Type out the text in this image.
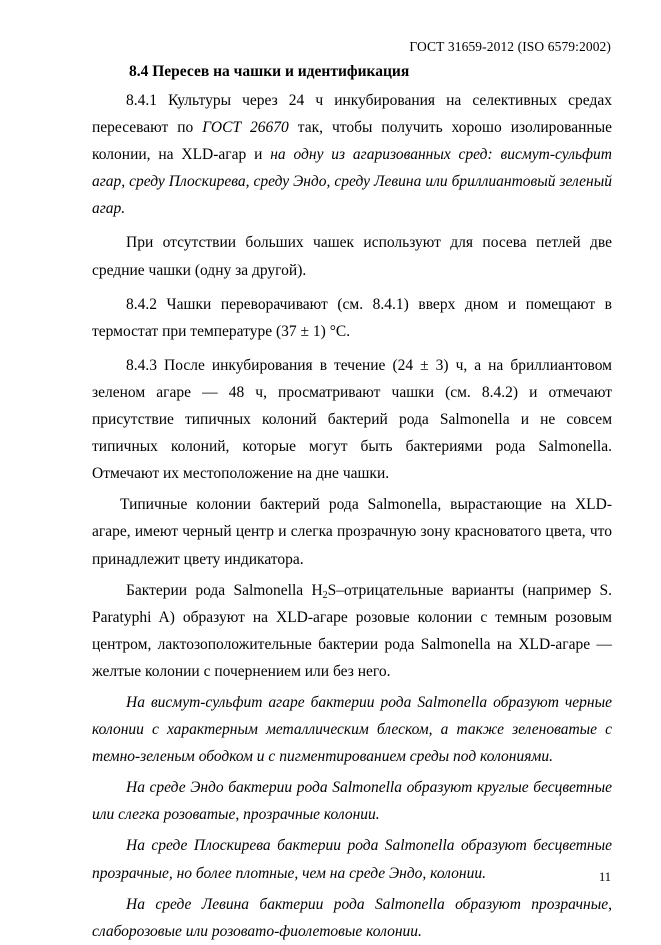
ГОСТ 31659-2012 (ISO 6579:2002)
8.4 Пересев на чашки и идентификация

8.4.1 Культуры через 24 ч инкубирования на селективных средах пересевают по ГОСТ 26670 так, чтобы получить хорошо изолированные колонии, на XLD-агар и на одну из агаризованных сред: висмут-сульфит агар, среду Плоскирева, среду Эндо, среду Левина или бриллиантовый зеленый агар.

При отсутствии больших чашек используют для посева петлей две средние чашки (одну за другой).

8.4.2 Чашки переворачивают (см. 8.4.1) вверх дном и помещают в термостат при температуре (37 ± 1) °С.

8.4.3 После инкубирования в течение (24 ± 3) ч, а на бриллиантовом зеленом агаре — 48 ч, просматривают чашки (см. 8.4.2) и отмечают присутствие типичных колоний бактерий рода Salmonella и не совсем типичных колоний, которые могут быть бактериями рода Salmonella. Отмечают их местоположение на дне чашки.

Типичные колонии бактерий рода Salmonella, вырастающие на XLD-агаре, имеют черный центр и слегка прозрачную зону красноватого цвета, что принадлежит цвету индикатора.

Бактерии рода Salmonella $H_2S$–отрицательные варианты (например S. Paratyphi A) образуют на XLD-агаре розовые колонии с темным розовым центром, лактозоположительные бактерии рода Salmonella на XLD-агаре — желтые колонии с почернением или без него.

На висмут-сульфит агаре бактерии рода Salmonella образуют черные колонии с характерным металлическим блеском, а также зеленоватые с темно-зеленым ободком и с пигментированием среды под колониями.

На среде Эндо бактерии рода Salmonella образуют круглые бесцветные или слегка розоватые, прозрачные колонии.

На среде Плоскирева бактерии рода Salmonella образуют бесцветные прозрачные, но более плотные, чем на среде Эндо, колонии.

На среде Левина бактерии рода Salmonella образуют прозрачные, слаборозовые или розовато-фиолетовые колонии.

11
